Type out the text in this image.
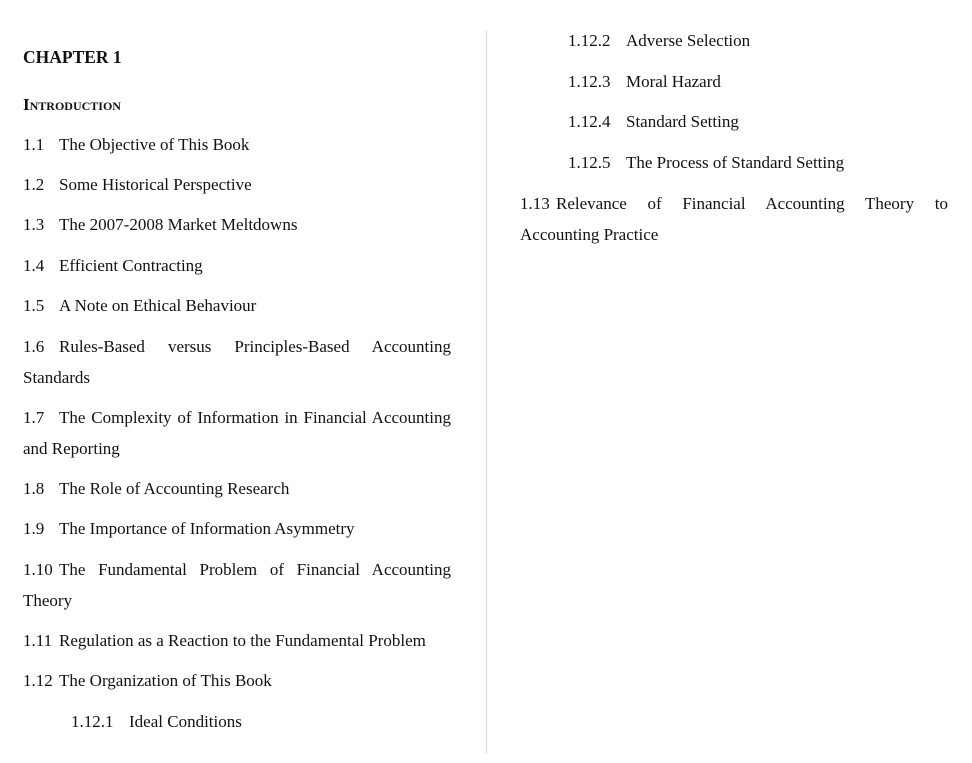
CHAPTER 1
Introduction
1.1 The Objective of This Book
1.2 Some Historical Perspective
1.3 The 2007-2008 Market Meltdowns
1.4 Efficient Contracting
1.5 A Note on Ethical Behaviour
1.6 Rules-Based versus Principles-Based Accounting Standards
1.7 The Complexity of Information in Financial Accounting and Reporting
1.8 The Role of Accounting Research
1.9 The Importance of Information Asymmetry
1.10 The Fundamental Problem of Financial Accounting Theory
1.11 Regulation as a Reaction to the Fundamental Problem
1.12 The Organization of This Book
1.12.1 Ideal Conditions
1.12.2 Adverse Selection
1.12.3 Moral Hazard
1.12.4 Standard Setting
1.12.5 The Process of Standard Setting
1.13 Relevance of Financial Accounting Theory to Accounting Practice
